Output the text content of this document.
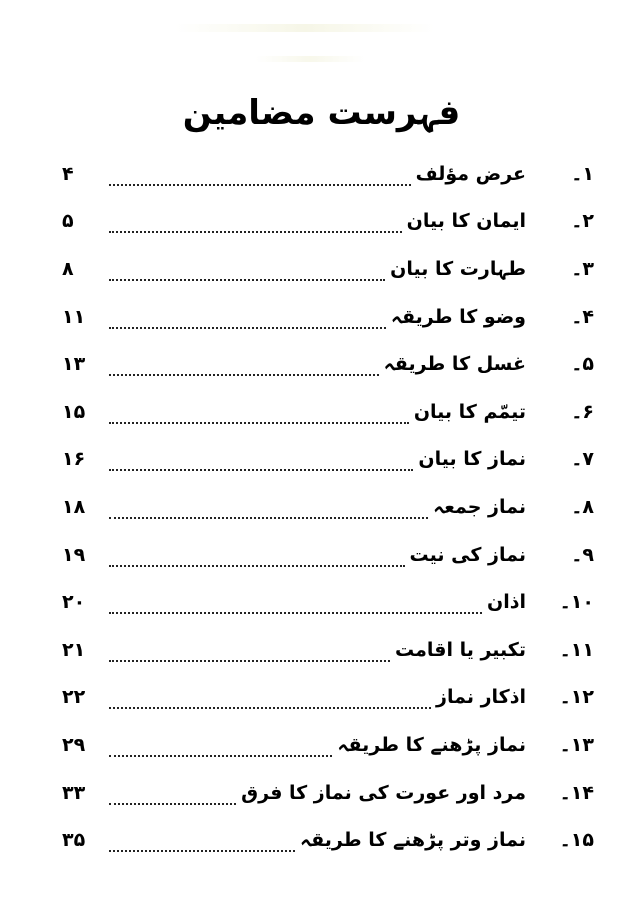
فہرست مضامین
۱۔
عرض مؤلف
۴
۲۔
ایمان کا بیان
۵
۳۔
طہارت کا بیان
۸
۴۔
وضو کا طریقہ
۱۱
۵۔
غسل کا طریقہ
۱۳
۶۔
تیمّم کا بیان
۱۵
۷۔
نماز کا بیان
۱۶
۸۔
نماز جمعہ
۱۸
۹۔
نماز کی نیت
۱۹
۱۰۔
اذان
۲۰
۱۱۔
تکبیر یا اقامت
۲۱
۱۲۔
اذکار نماز
۲۲
۱۳۔
نماز پڑھنے کا طریقہ
۲۹
۱۴۔
مرد اور عورت کی نماز کا فرق
۳۳
۱۵۔
نماز وتر پڑھنے کا طریقہ
۳۵
